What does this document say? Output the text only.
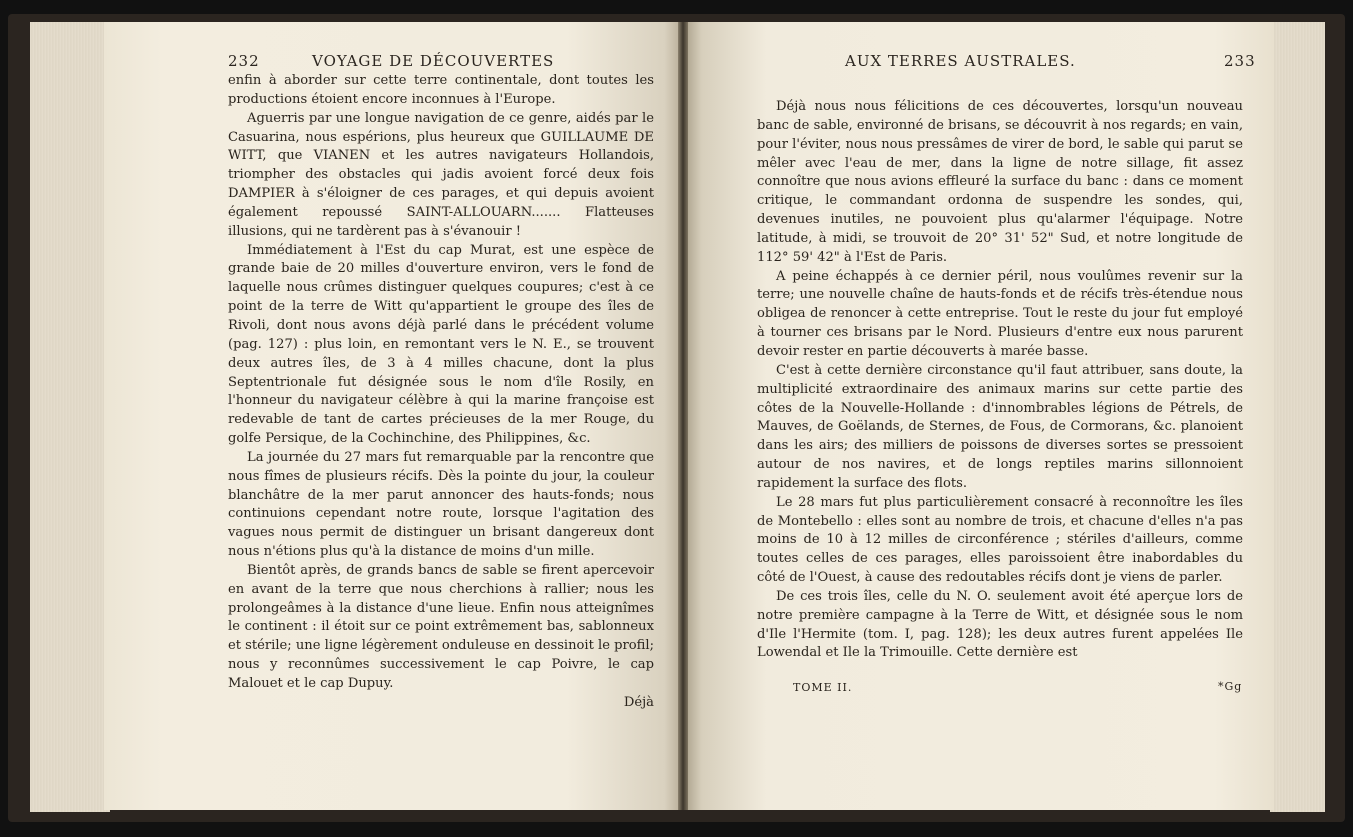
232	VOYAGE DE DÉCOUVERTES

enfin à aborder sur cette terre continentale, dont toutes les productions étoient encore inconnues à l'Europe.

Aguerris par une longue navigation de ce genre, aidés par le Casuarina, nous espérions, plus heureux que GUILLAUME DE WITT, que VIANEN et les autres navigateurs Hollandois, triompher des obstacles qui jadis avoient forcé deux fois DAMPIER à s'éloigner de ces parages, et qui depuis avoient également repoussé SAINT-ALLOUARN....... Flatteuses illusions, qui ne tardèrent pas à s'évanouir !

Immédiatement à l'Est du cap Murat, est une espèce de grande baie de 20 milles d'ouverture environ, vers le fond de laquelle nous crûmes distinguer quelques coupures; c'est à ce point de la terre de Witt qu'appartient le groupe des îles de Rivoli, dont nous avons déjà parlé dans le précédent volume (pag. 127) : plus loin, en remontant vers le N. E., se trouvent deux autres îles, de 3 à 4 milles chacune, dont la plus Septentrionale fut désignée sous le nom d'île Rosily, en l'honneur du navigateur célèbre à qui la marine françoise est redevable de tant de cartes précieuses de la mer Rouge, du golfe Persique, de la Cochinchine, des Philippines, &c.

La journée du 27 mars fut remarquable par la rencontre que nous fîmes de plusieurs récifs. Dès la pointe du jour, la couleur blanchâtre de la mer parut annoncer des hauts-fonds; nous continuions cependant notre route, lorsque l'agitation des vagues nous permit de distinguer un brisant dangereux dont nous n'étions plus qu'à la distance de moins d'un mille.

Bientôt après, de grands bancs de sable se firent apercevoir en avant de la terre que nous cherchions à rallier; nous les prolongeâmes à la distance d'une lieue. Enfin nous atteignîmes le continent : il étoit sur ce point extrêmement bas, sablonneux et stérile; une ligne légèrement onduleuse en dessinoit le profil; nous y reconnûmes successivement le cap Poivre, le cap Malouet et le cap Dupuy.

Déjà
AUX TERRES AUSTRALES.	233

Déjà nous nous félicitions de ces découvertes, lorsqu'un nouveau banc de sable, environné de brisans, se découvrit à nos regards; en vain, pour l'éviter, nous nous pressâmes de virer de bord, le sable qui parut se mêler avec l'eau de mer, dans la ligne de notre sillage, fit assez connoître que nous avions effleuré la surface du banc : dans ce moment critique, le commandant ordonna de suspendre les sondes, qui, devenues inutiles, ne pouvoient plus qu'alarmer l'équipage. Notre latitude, à midi, se trouvoit de 20° 31' 52" Sud, et notre longitude de 112° 59' 42" à l'Est de Paris.

A peine échappés à ce dernier péril, nous voulûmes revenir sur la terre; une nouvelle chaîne de hauts-fonds et de récifs très-étendue nous obligea de renoncer à cette entreprise. Tout le reste du jour fut employé à tourner ces brisans par le Nord. Plusieurs d'entre eux nous parurent devoir rester en partie découverts à marée basse.

C'est à cette dernière circonstance qu'il faut attribuer, sans doute, la multiplicité extraordinaire des animaux marins sur cette partie des côtes de la Nouvelle-Hollande : d'innombrables légions de Pétrels, de Mauves, de Goëlands, de Sternes, de Fous, de Cormorans, &c. planoient dans les airs; des milliers de poissons de diverses sortes se pressoient autour de nos navires, et de longs reptiles marins sillonnoient rapidement la surface des flots.

Le 28 mars fut plus particulièrement consacré à reconnoître les îles de Montebello : elles sont au nombre de trois, et chacune d'elles n'a pas moins de 10 à 12 milles de circonférence ; stériles d'ailleurs, comme toutes celles de ces parages, elles paroissoient être inabordables du côté de l'Ouest, à cause des redoutables récifs dont je viens de parler.

De ces trois îles, celle du N. O. seulement avoit été aperçue lors de notre première campagne à la Terre de Witt, et désignée sous le nom d'Ile l'Hermite (tom. I, pag. 128); les deux autres furent appelées Ile Lowendal et Ile la Trimouille. Cette dernière est

TOME II.	*Gg
